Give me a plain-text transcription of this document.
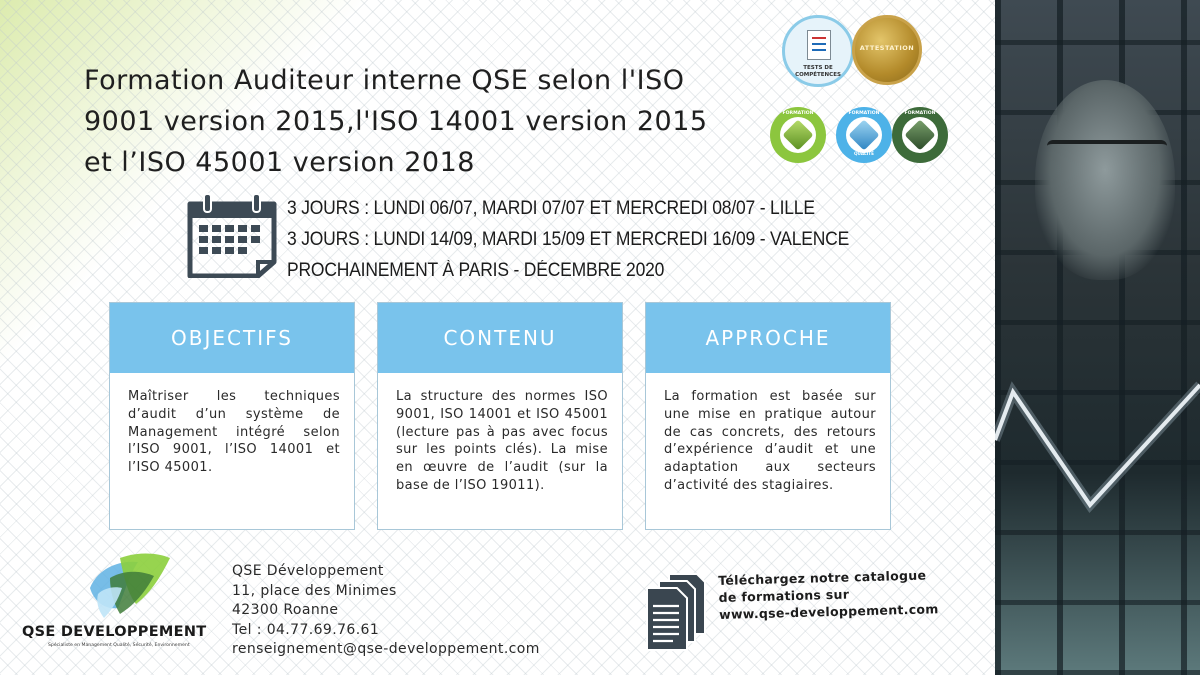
Formation Auditeur interne QSE selon l'ISO 9001 version 2015,l'ISO 14001 version 2015 et l’ISO 45001 version 2018
TESTS DE COMPÉTENCES
ATTESTATION
FORMATION	FORMATION
QUALITÉ
FORMATION
3 JOURS : LUNDI 06/07, MARDI 07/07 ET MERCREDI 08/07 - LILLE
3 JOURS : LUNDI 14/09, MARDI 15/09 ET MERCREDI 16/09 - VALENCE
PROCHAINEMENT À PARIS - DÉCEMBRE 2020
OBJECTIFS
Maîtriser les techniques d’audit d’un système de Management intégré selon l’ISO 9001, l’ISO 14001 et l’ISO 45001.
CONTENU
La structure des normes ISO 9001, ISO 14001 et ISO 45001 (lecture pas à pas avec focus sur les points clés). La mise en œuvre de l’audit (sur la base de l’ISO 19011).
APPROCHE
La formation est basée sur une mise en pratique autour de cas concrets, des retours d’expérience d’audit et une adaptation aux secteurs d’activité des stagiaires.
QSE DEVELOPPEMENT
Spécialiste en Management Qualité, Sécurité, Environnement
QSE Développement
11, place des Minimes
42300 Roanne
Tel : 04.77.69.76.61
renseignement@qse-developpement.com
Téléchargez notre catalogue
de formations sur
www.qse-developpement.com
